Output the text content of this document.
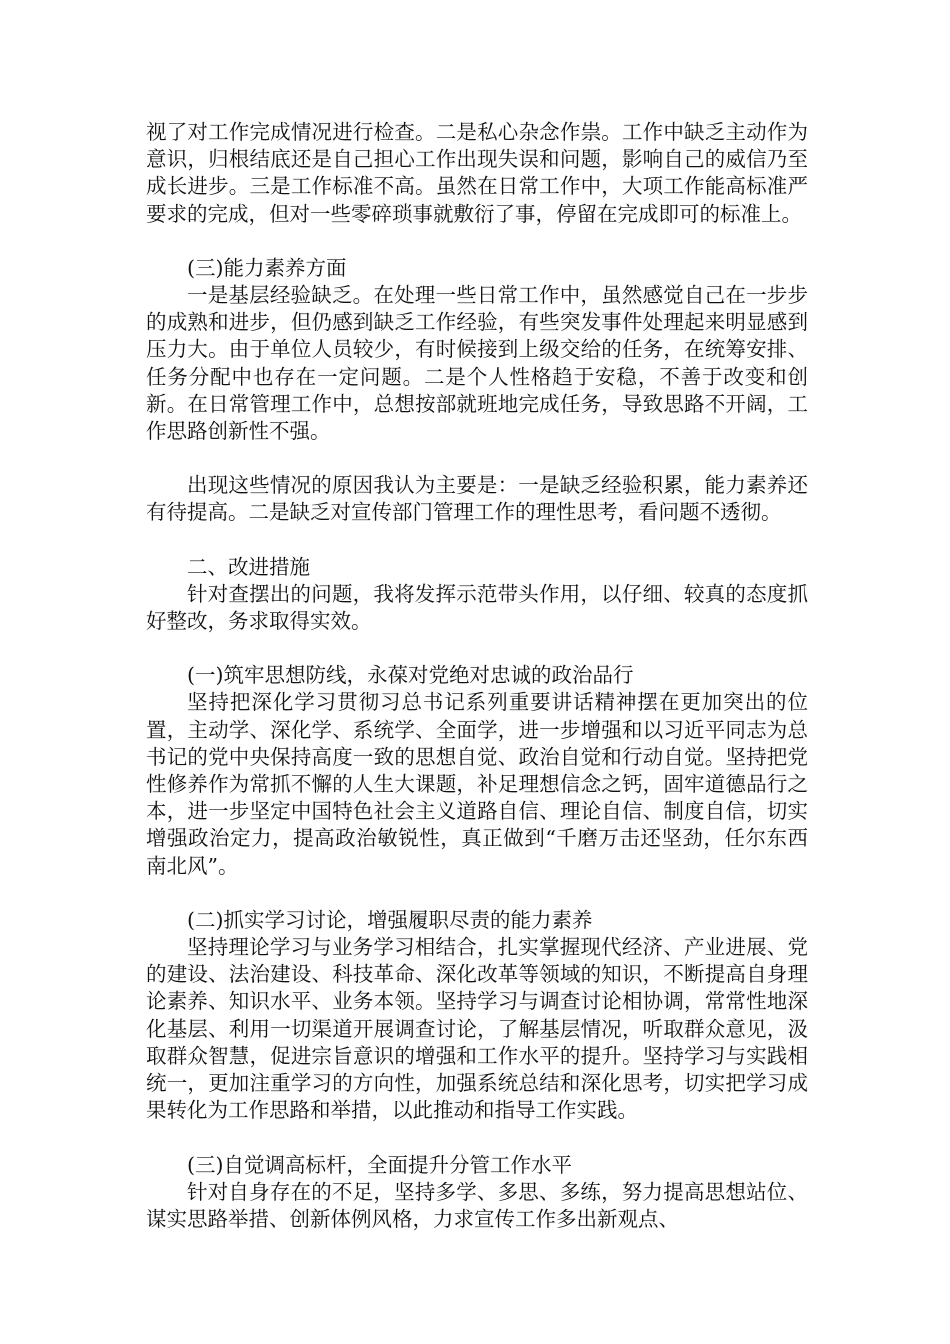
视了对工作完成情况进行检查。二是私心杂念作祟。工作中缺乏主动作为意识，归根结底还是自己担心工作出现失误和问题，影响自己的威信乃至成长进步。三是工作标准不高。虽然在日常工作中，大项工作能高标准严要求的完成，但对一些零碎琐事就敷衍了事，停留在完成即可的标准上。

(三)能力素养方面

一是基层经验缺乏。在处理一些日常工作中，虽然感觉自己在一步步的成熟和进步，但仍感到缺乏工作经验，有些突发事件处理起来明显感到压力大。由于单位人员较少，有时候接到上级交给的任务，在统筹安排、任务分配中也存在一定问题。二是个人性格趋于安稳，不善于改变和创新。在日常管理工作中，总想按部就班地完成任务，导致思路不开阔，工作思路创新性不强。

出现这些情况的原因我认为主要是：一是缺乏经验积累，能力素养还有待提高。二是缺乏对宣传部门管理工作的理性思考，看问题不透彻。

二、改进措施

针对查摆出的问题，我将发挥示范带头作用，以仔细、较真的态度抓好整改，务求取得实效。

(一)筑牢思想防线，永葆对党绝对忠诚的政治品行

坚持把深化学习贯彻习总书记系列重要讲话精神摆在更加突出的位置，主动学、深化学、系统学、全面学，进一步增强和以习近平同志为总书记的党中央保持高度一致的思想自觉、政治自觉和行动自觉。坚持把党性修养作为常抓不懈的人生大课题，补足理想信念之钙，固牢道德品行之本，进一步坚定中国特色社会主义道路自信、理论自信、制度自信，切实增强政治定力，提高政治敏锐性，真正做到“千磨万击还坚劲，任尔东西南北风”。

(二)抓实学习讨论，增强履职尽责的能力素养

坚持理论学习与业务学习相结合，扎实掌握现代经济、产业进展、党的建设、法治建设、科技革命、深化改革等领域的知识，不断提高自身理论素养、知识水平、业务本领。坚持学习与调查讨论相协调，常常性地深化基层、利用一切渠道开展调查讨论，了解基层情况，听取群众意见，汲取群众智慧，促进宗旨意识的增强和工作水平的提升。坚持学习与实践相统一，更加注重学习的方向性，加强系统总结和深化思考，切实把学习成果转化为工作思路和举措，以此推动和指导工作实践。

(三)自觉调高标杆，全面提升分管工作水平

针对自身存在的不足，坚持多学、多思、多练，努力提高思想站位、谋实思路举措、创新体例风格，力求宣传工作多出新观点、
